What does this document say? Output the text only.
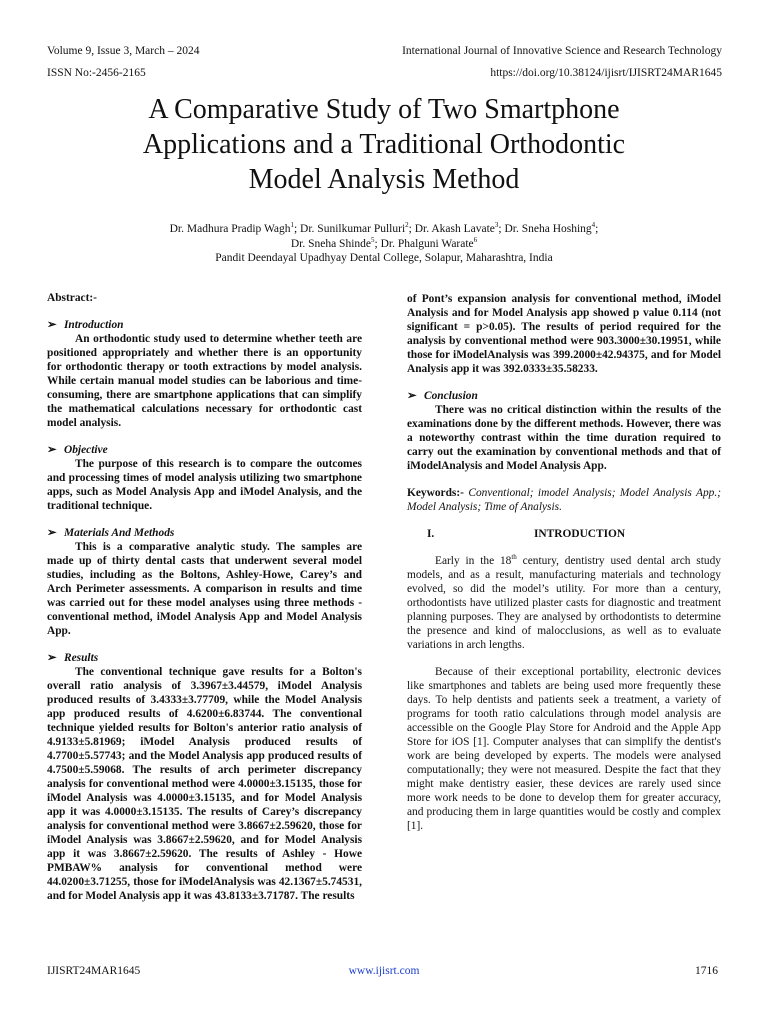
Volume 9, Issue 3, March – 2024
ISSN No:-2456-2165
International Journal of Innovative Science and Research Technology
https://doi.org/10.38124/ijisrt/IJISRT24MAR1645
A Comparative Study of Two Smartphone
Applications and a Traditional Orthodontic
Model Analysis Method
Dr. Madhura Pradip Wagh$^1$; Dr. Sunilkumar Pulluri$^2$; Dr. Akash Lavate$^3$; Dr. Sneha Hoshing$^4$;
Dr. Sneha Shinde$^5$; Dr. Phalguni Warate$^6$
Pandit Deendayal Upadhyay Dental College, Solapur, Maharashtra, India

Abstract:-

➢ Introduction

An orthodontic study used to determine whether teeth are positioned appropriately and whether there is an opportunity for orthodontic therapy or tooth extractions by model analysis. While certain manual model studies can be laborious and time-consuming, there are smartphone applications that can simplify the mathematical calculations necessary for orthodontic cast model analysis.

➢ Objective

The purpose of this research is to compare the outcomes and processing times of model analysis utilizing two smartphone apps, such as Model Analysis App and iModel Analysis, and the traditional technique.

➢ Materials And Methods

This is a comparative analytic study. The samples are made up of thirty dental casts that underwent several model studies, including as the Boltons, Ashley-Howe, Carey’s and Arch Perimeter assessments. A comparison in results and time was carried out for these model analyses using three methods - conventional method, iModel Analysis App and Model Analysis App.

➢ Results

The conventional technique gave results for a Bolton's overall ratio analysis of 3.3967±3.44579, iModel Analysis produced results of 3.4333±3.77709, while the Model Analysis app produced results of 4.6200±6.83744. The conventional technique yielded results for Bolton's anterior ratio analysis of 4.9133±5.81969; iModel Analysis produced results of 4.7700±5.57743; and the Model Analysis app produced results of 4.7500±5.59068. The results of arch perimeter discrepancy analysis for conventional method were 4.0000±3.15135, those for iModel Analysis was 4.0000±3.15135, and for Model Analysis app it was 4.0000±3.15135. The results of Carey’s discrepancy analysis for conventional method were 3.8667±2.59620, those for iModel Analysis was 3.8667±2.59620, and for Model Analysis app it was 3.8667±2.59620. The results of Ashley - Howe PMBAW% analysis for conventional method were 44.0200±3.71255, those for iModelAnalysis was 42.1367±5.74531, and for Model Analysis app it was 43.8133±3.71787. The results

of Pont’s expansion analysis for conventional method, iModel Analysis and for Model Analysis app showed p value 0.114 (not significant = p>0.05). The results of period required for the analysis by conventional method were 903.3000±30.19951, while those for iModelAnalysis was 399.2000±42.94375, and for Model Analysis app it was 392.0333±35.58233.

➢ Conclusion

There was no critical distinction within the results of the examinations done by the different methods. However, there was a noteworthy contrast within the time duration required to carry out the examination by conventional methods and that of iModelAnalysis and Model Analysis App.

Keywords:- Conventional; imodel Analysis; Model Analysis App.; Model Analysis; Time of Analysis.

I.	INTRODUCTION

Early in the 18th century, dentistry used dental arch study models, and as a result, manufacturing materials and technology evolved, so did the model’s utility. For more than a century, orthodontists have utilized plaster casts for diagnostic and treatment planning purposes. They are analysed by orthodontists to determine the presence and kind of malocclusions, as well as to evaluate variations in arch lengths.

Because of their exceptional portability, electronic devices like smartphones and tablets are being used more frequently these days. To help dentists and patients seek a treatment, a variety of programs for tooth ratio calculations through model analysis are accessible on the Google Play Store for Android and the Apple App Store for iOS [1]. Computer analyses that can simplify the dentist's work are being developed by experts. The models were analysed computationally; they were not measured. Despite the fact that they might make dentistry easier, these devices are rarely used since more work needs to be done to develop them for greater accuracy, and producing them in large quantities would be costly and complex [1].

IJISRT24MAR1645	www.ijisrt.com	1716
